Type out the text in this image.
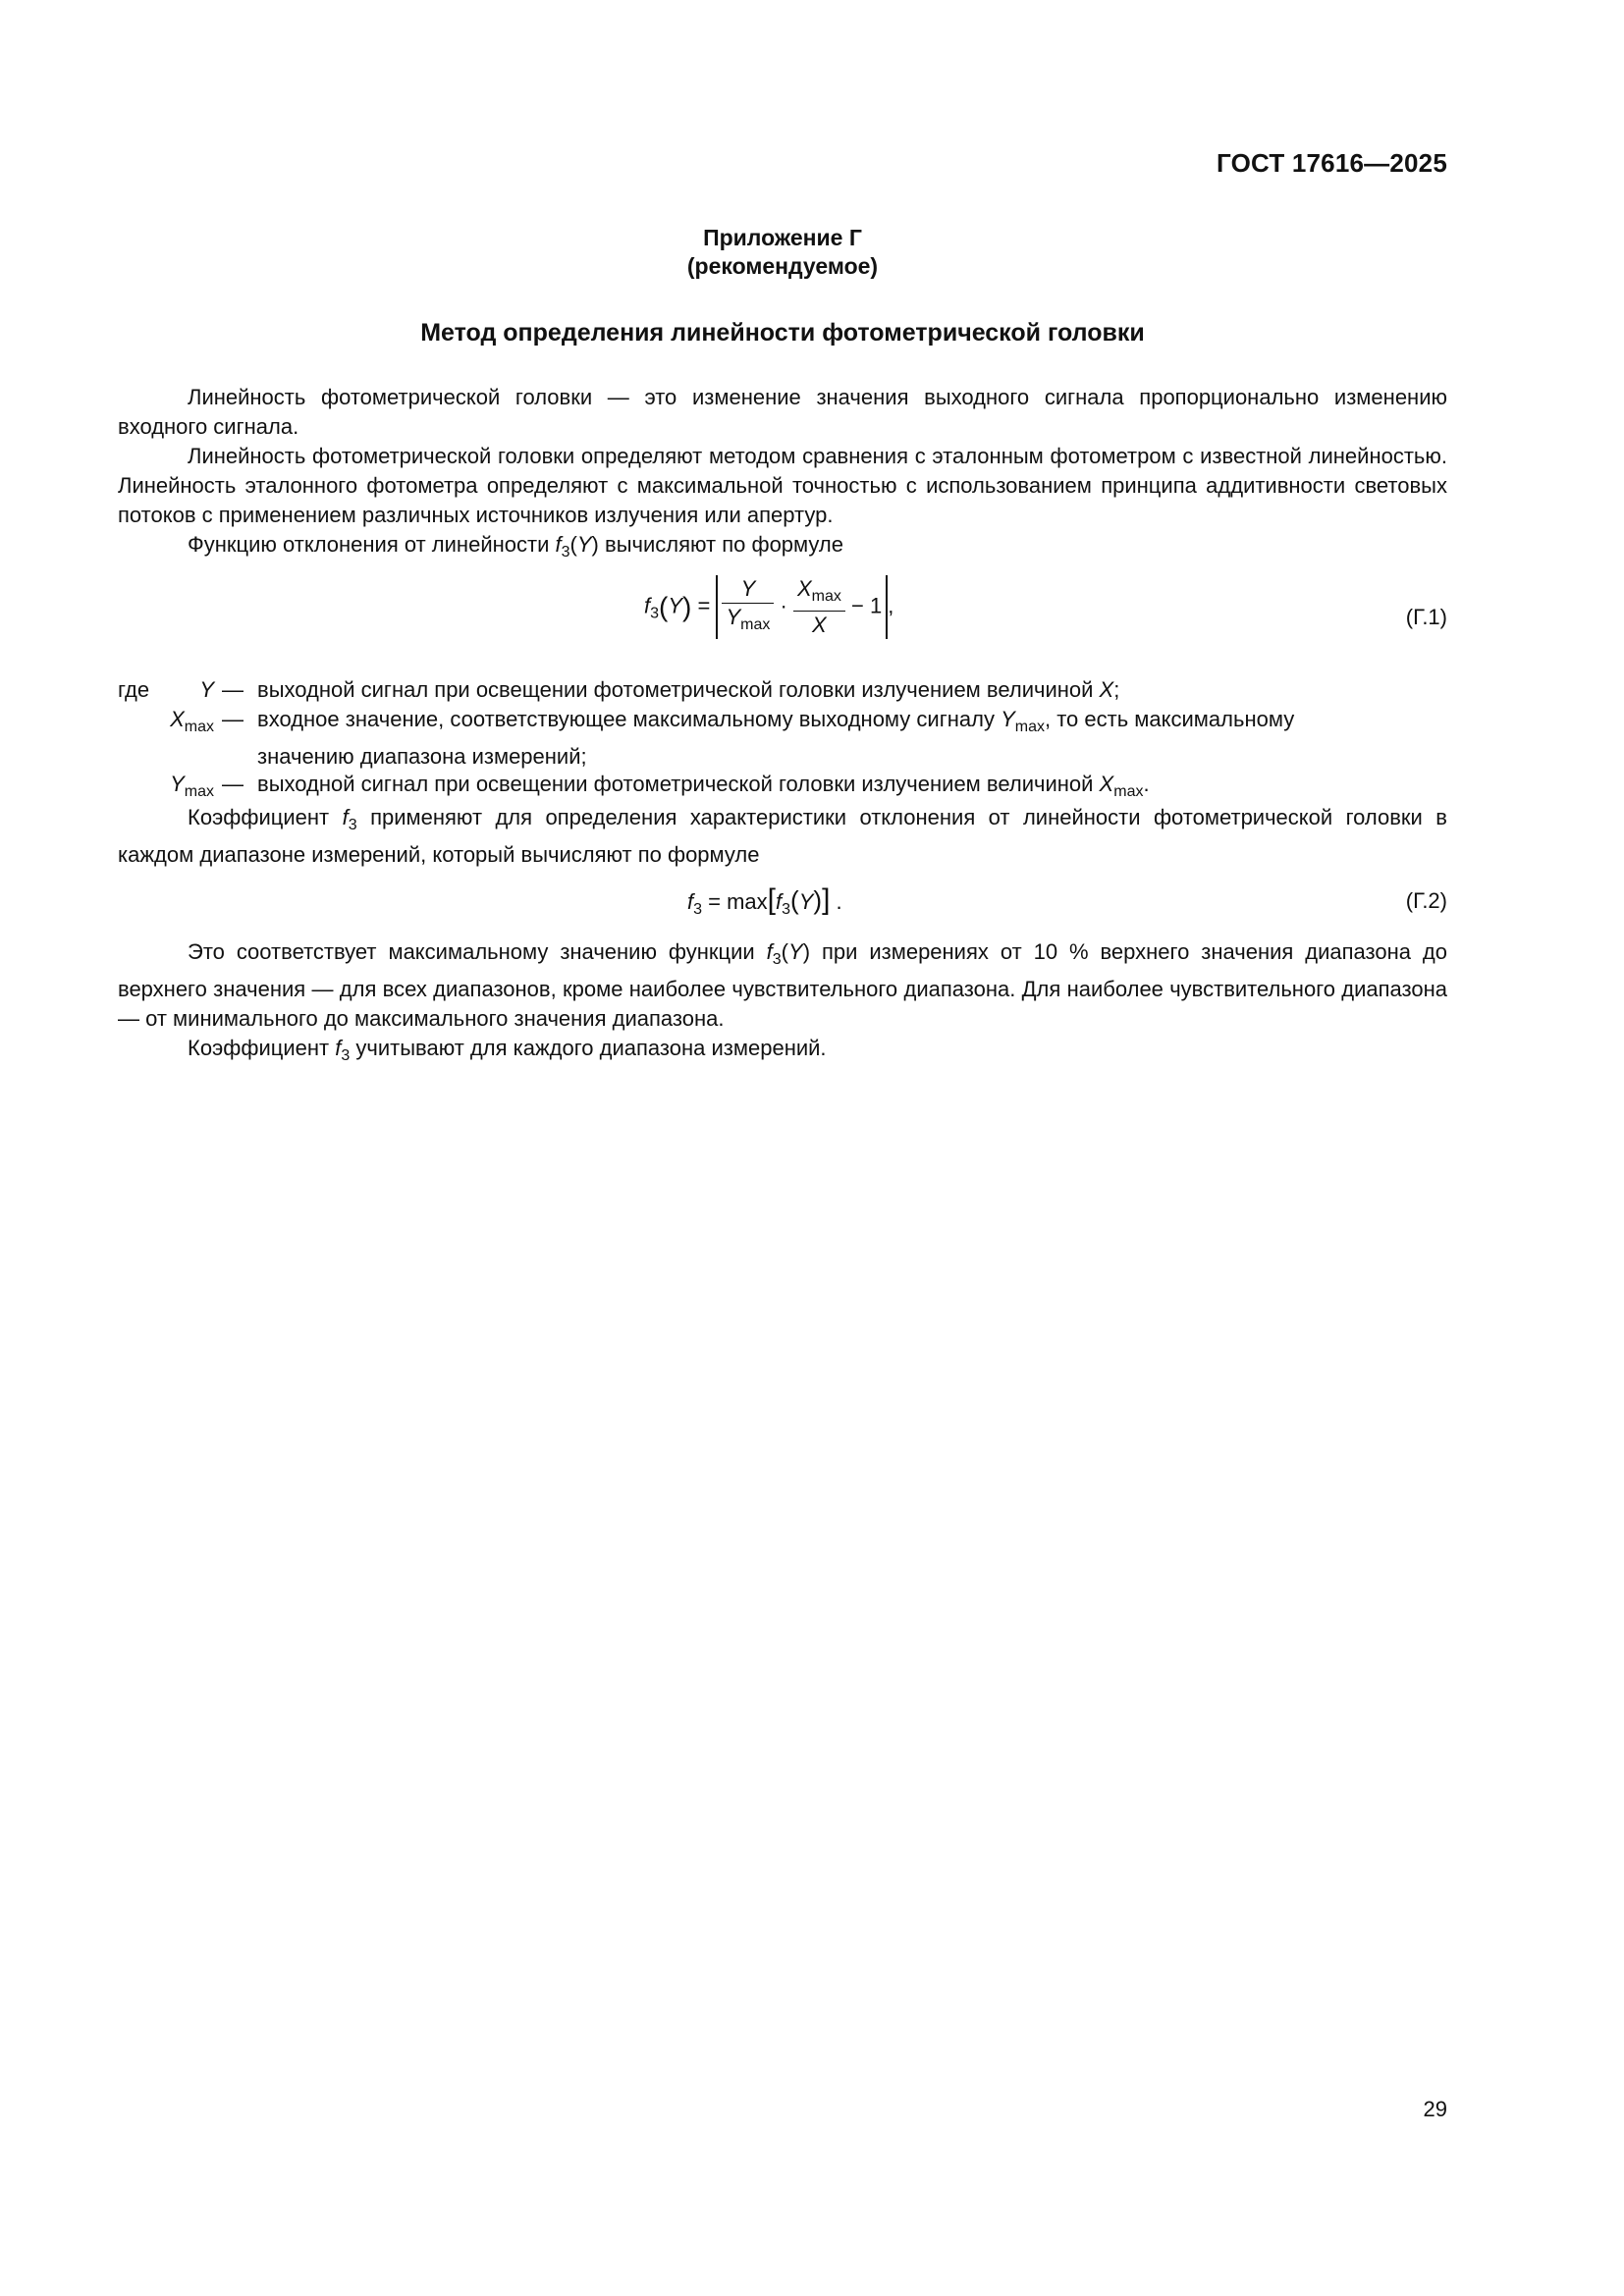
ГОСТ 17616—2025
Приложение Г
(рекомендуемое)
Метод определения линейности фотометрической головки

Линейность фотометрической головки — это изменение значения выходного сигнала пропорционально изменению входного сигнала.

Линейность фотометрической головки определяют методом сравнения с эталонным фотометром с известной линейностью. Линейность эталонного фотометра определяют с максимальной точностью с использованием принципа аддитивности световых потоков с применением различных источников излучения или апертур.

Функцию отклонения от линейности $f_3(Y)$ вычисляют по формуле

$f_3(Y) = \frac{Y}{Y_{max}} \cdot \frac{X_{max}}{X} - 1$ ,	(Г.1)
где	Y — выходной сигнал при освещении фотометрической головки излучением величиной X;
$X_{max}$ — входное значение, соответствующее максимальному выходному сигналу $Y_{max}$, то есть максимальному
значению диапазона измерений;
$Y_{max}$ — выходной сигнал при освещении фотометрической головки излучением величиной $X_{max}$.

Коэффициент $f_3$ применяют для определения характеристики отклонения от линейности фотометрической головки в каждом диапазоне измерений, который вычисляют по формуле

$f_3 = \max[f_3(Y)]$ .	(Г.2)

Это соответствует максимальному значению функции $f_3(Y)$ при измерениях от 10 % верхнего значения диапазона до верхнего значения — для всех диапазонов, кроме наиболее чувствительного диапазона. Для наиболее чувствительного диапазона — от минимального до максимального значения диапазона.

Коэффициент $f_3$ учитывают для каждого диапазона измерений.

29
